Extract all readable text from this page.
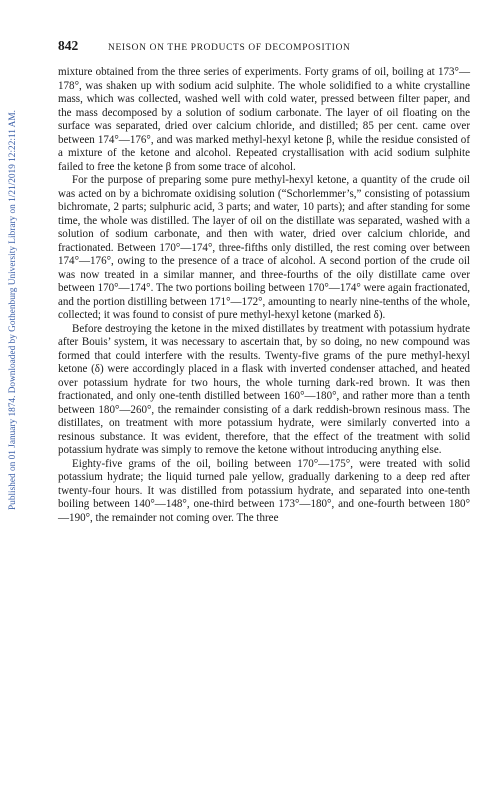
Published on 01 January 1874. Downloaded by Gothenburg University Library on 1/21/2019 12:22:11 AM.
842	NEISON ON THE PRODUCTS OF DECOMPOSITION

mixture obtained from the three series of experiments. Forty grams of oil, boiling at 173°—178°, was shaken up with sodium acid sulphite. The whole solidified to a white crystalline mass, which was collected, washed well with cold water, pressed between filter paper, and the mass decomposed by a solution of sodium carbonate. The layer of oil floating on the surface was separated, dried over calcium chloride, and distilled; 85 per cent. came over between 174°—176°, and was marked methyl-hexyl ketone β, while the residue consisted of a mixture of the ketone and alcohol. Repeated crystallisation with acid sodium sulphite failed to free the ketone β from some trace of alcohol.

For the purpose of preparing some pure methyl-hexyl ketone, a quantity of the crude oil was acted on by a bichromate oxidising solution (“Schorlemmer’s,” consisting of potassium bichromate, 2 parts; sulphuric acid, 3 parts; and water, 10 parts); and after standing for some time, the whole was distilled. The layer of oil on the distillate was separated, washed with a solution of sodium carbonate, and then with water, dried over calcium chloride, and fractionated. Between 170°—174°, three-fifths only distilled, the rest coming over between 174°—176°, owing to the presence of a trace of alcohol. A second portion of the crude oil was now treated in a similar manner, and three-fourths of the oily distillate came over between 170°—174°. The two portions boiling between 170°—174° were again fractionated, and the portion distilling between 171°—172°, amounting to nearly nine-tenths of the whole, collected; it was found to consist of pure methyl-hexyl ketone (marked δ).

Before destroying the ketone in the mixed distillates by treatment with potassium hydrate after Bouis’ system, it was necessary to ascertain that, by so doing, no new compound was formed that could interfere with the results. Twenty-five grams of the pure methyl-hexyl ketone (δ) were accordingly placed in a flask with inverted condenser attached, and heated over potassium hydrate for two hours, the whole turning dark-red brown. It was then fractionated, and only one-tenth distilled between 160°—180°, and rather more than a tenth between 180°—260°, the remainder consisting of a dark reddish-brown resinous mass. The distillates, on treatment with more potassium hydrate, were similarly converted into a resinous substance. It was evident, therefore, that the effect of the treatment with solid potassium hydrate was simply to remove the ketone without introducing anything else.

Eighty-five grams of the oil, boiling between 170°—175°, were treated with solid potassium hydrate; the liquid turned pale yellow, gradually darkening to a deep red after twenty-four hours. It was distilled from potassium hydrate, and separated into one-tenth boiling between 140°—148°, one-third between 173°—180°, and one-fourth between 180°—190°, the remainder not coming over. The three
